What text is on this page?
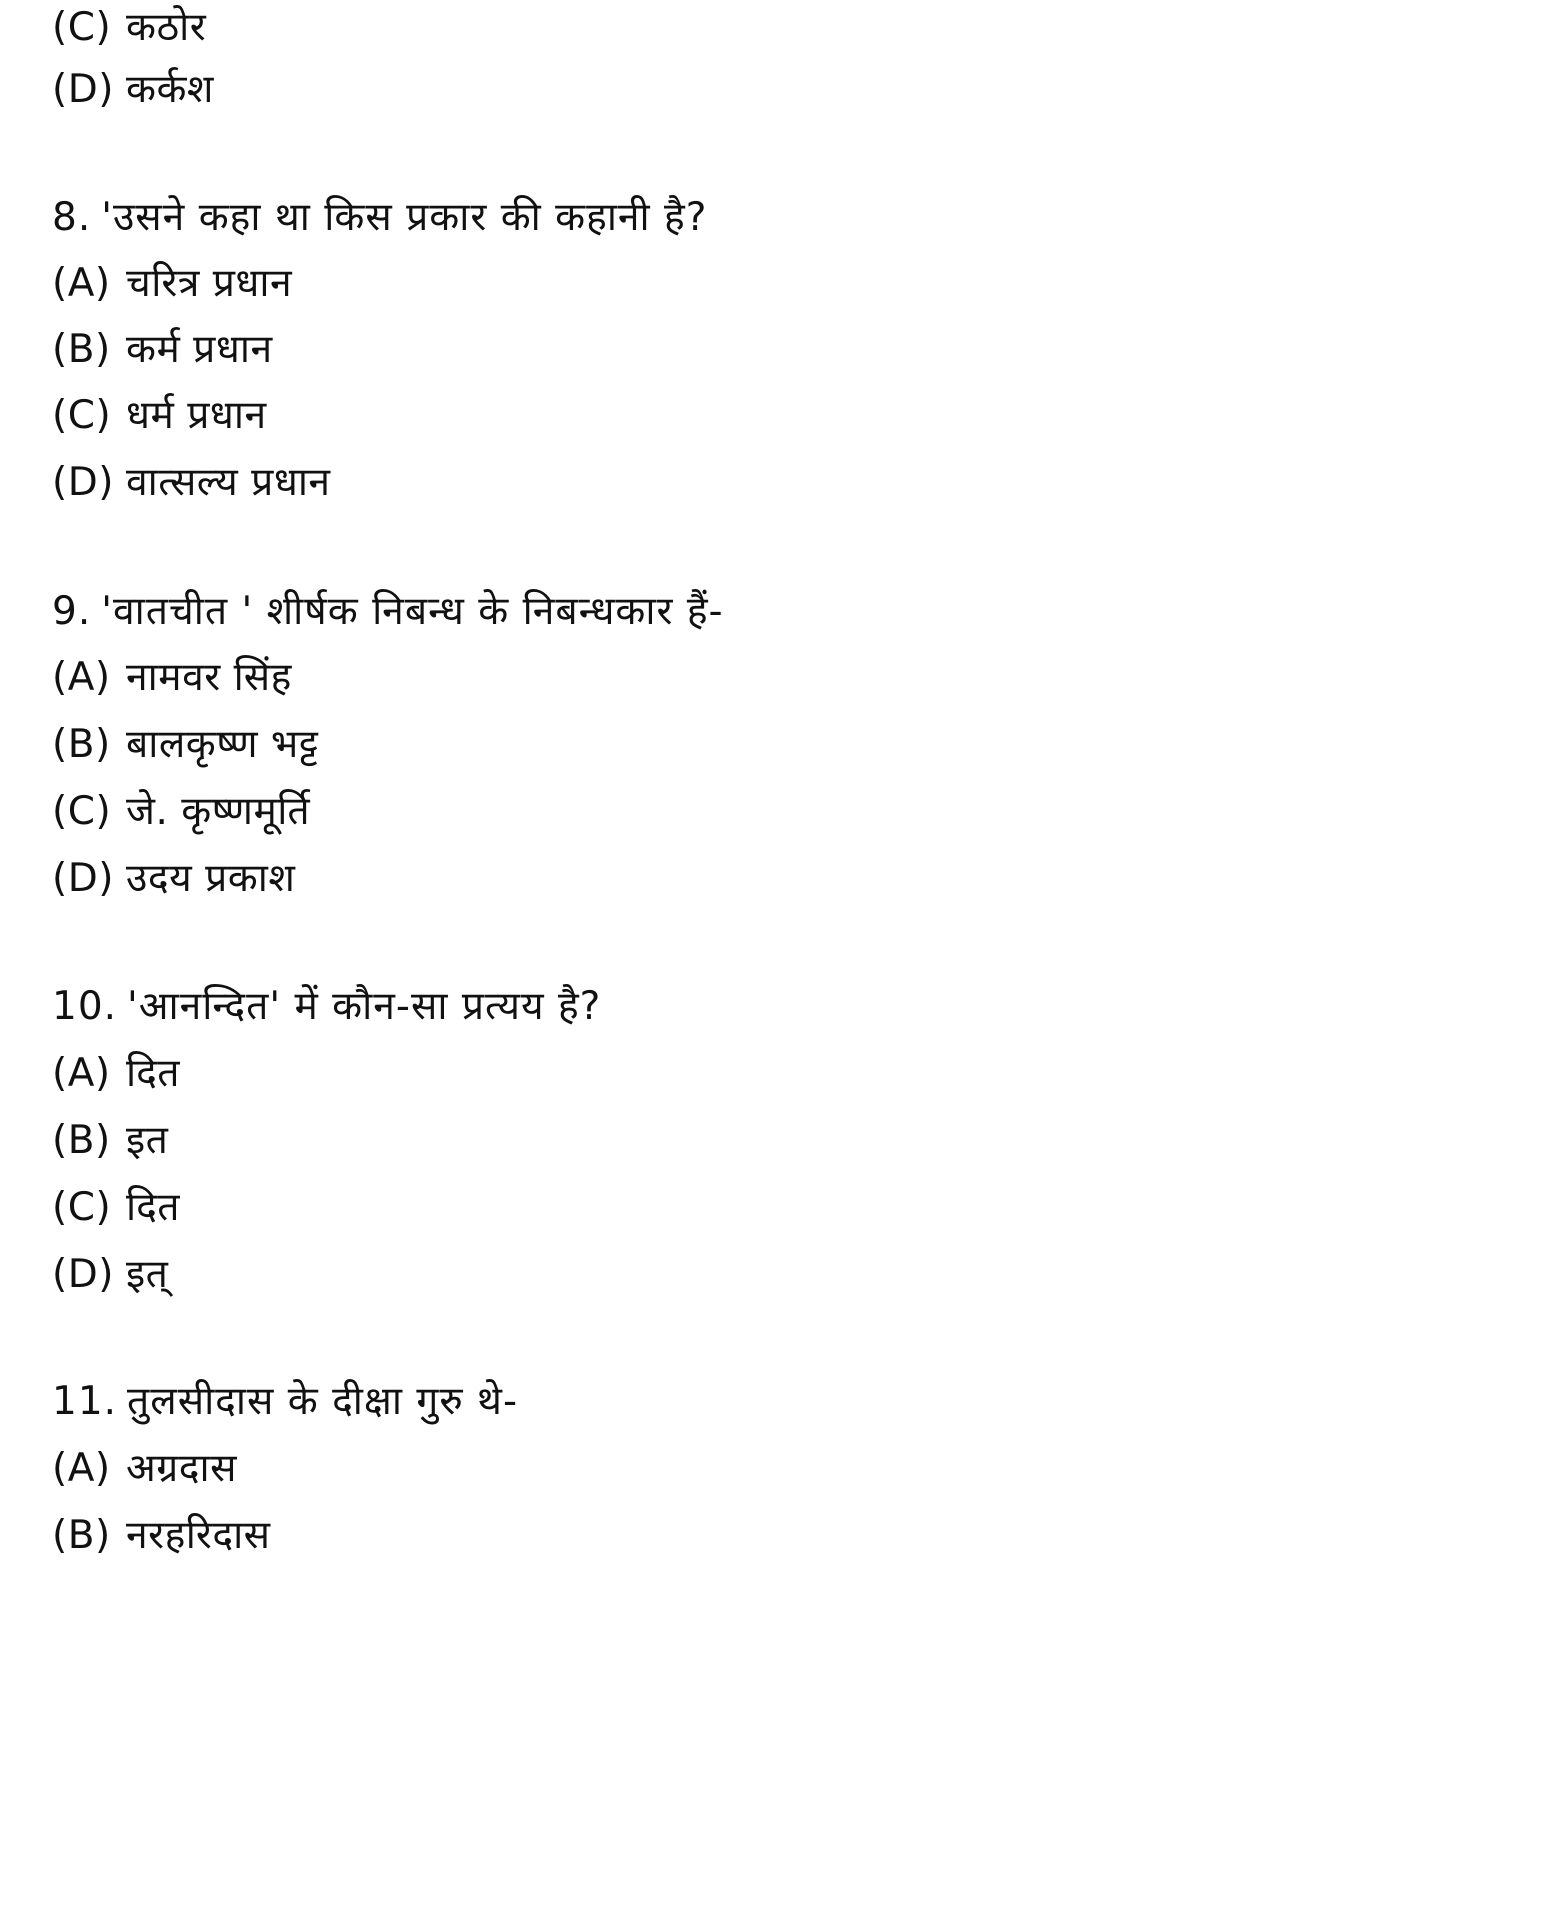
(C) कठोर
(D) कर्कश
8. 'उसने कहा था किस प्रकार की कहानी है?
(A) चरित्र प्रधान
(B) कर्म प्रधान
(C) धर्म प्रधान
(D) वात्सल्य प्रधान
9. 'वातचीत ' शीर्षक निबन्ध के निबन्धकार हैं-
(A) नामवर सिंह
(B) बालकृष्ण भट्ट
(C) जे. कृष्णमूर्ति
(D) उदय प्रकाश
10. 'आनन्दित' में कौन-सा प्रत्यय है?
(A) दित
(B) इत
(C) दित
(D) इत्
11. तुलसीदास के दीक्षा गुरु थे-
(A) अग्रदास
(B) नरहरिदास
